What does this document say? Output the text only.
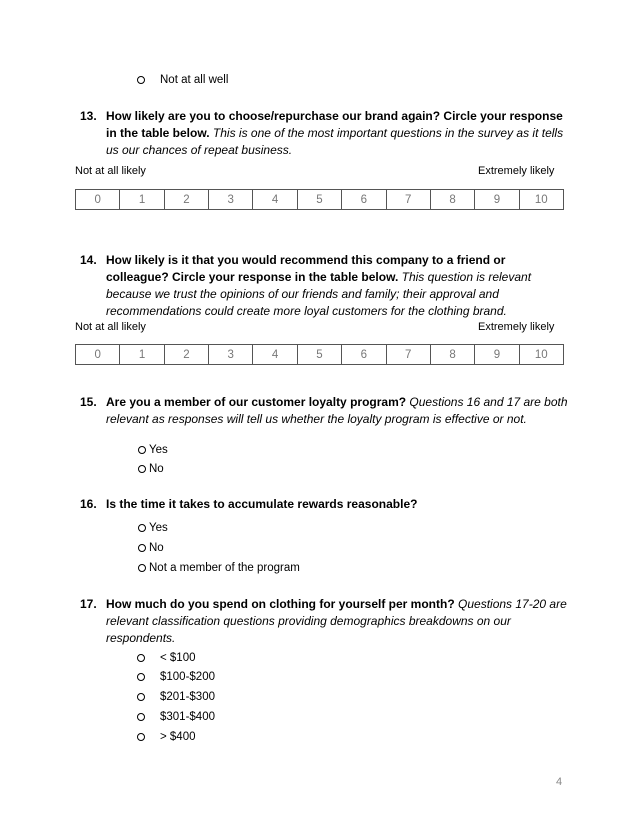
Not at all well
13. How likely are you to choose/repurchase our brand again? Circle your response in the table below. This is one of the most important questions in the survey as it tells us our chances of repeat business.
Not at all likely	Extremely likely
0	1	2	3	4	5	6	7	8	9	10
14. How likely is it that you would recommend this company to a friend or colleague? Circle your response in the table below. This question is relevant because we trust the opinions of our friends and family; their approval and recommendations could create more loyal customers for the clothing brand.
Not at all likely	Extremely likely
0	1	2	3	4	5	6	7	8	9	10
15. Are you a member of our customer loyalty program? Questions 16 and 17 are both relevant as responses will tell us whether the loyalty program is effective or not.
Yes
No
16. Is the time it takes to accumulate rewards reasonable?
Yes
No
Not a member of the program
17. How much do you spend on clothing for yourself per month? Questions 17-20 are relevant classification questions providing demographics breakdowns on our respondents.
< $100
$100-$200
$201-$300
$301-$400
> $400
4
